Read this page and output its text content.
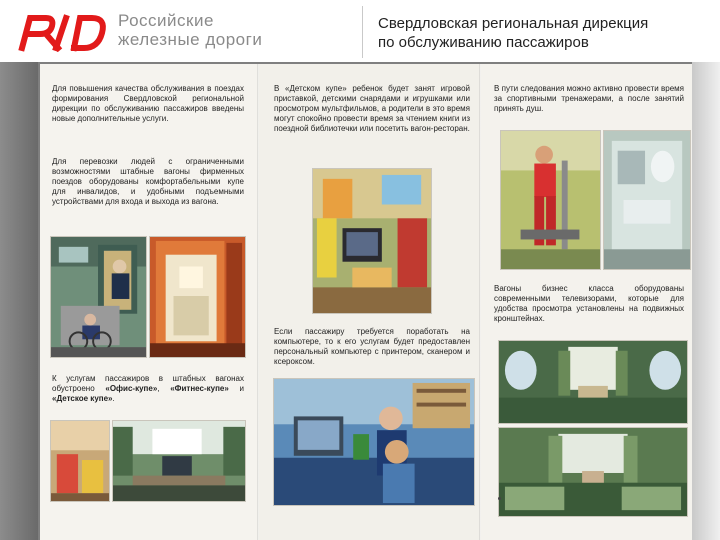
Российские
железные дороги
Свердловская региональная дирекция
по обслуживанию пассажиров
Для повышения качества обслуживания в поездах формирования Свердловской региональной дирекции по обслуживанию пассажиров введены новые дополнительные услуги.
Для перевозки людей с ограниченными возможностями штабные вагоны фирменных поездов оборудованы комфортабельными купе для инвалидов, и удобными подъемными устройствами для входа и выхода из вагона.
К услугам пассажиров в штабных вагонах обустроено «Офис-купе», «Фитнес-купе» и «Детское купе».
В «Детском купе» ребенок будет занят игровой приставкой, детскими снарядами и игрушками или просмотром мультфильмов, а родители в это время могут спокойно провести время за чтением книги из поездной библиотечки или посетить вагон-ресторан.
Если пассажиру требуется поработать на компьютере, то к его услугам будет предоставлен персональный компьютер с принтером, сканером и ксероксом.
В пути следования можно активно провести время за спортивными тренажерами, а после занятий принять душ.
Вагоны бизнес класса оборудованы современными телевизорами, которые для удобства просмотра установлены на подвижных кронштейнах.
